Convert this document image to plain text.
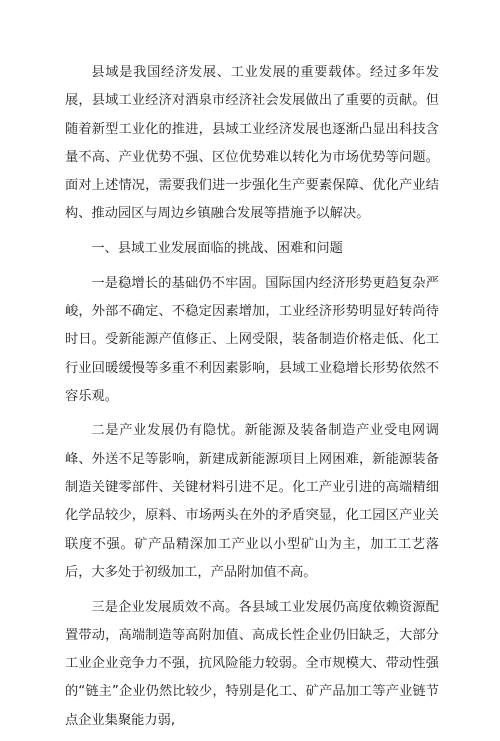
县域是我国经济发展、工业发展的重要载体。经过多年发展，县域工业经济对酒泉市经济社会发展做出了重要的贡献。但随着新型工业化的推进，县域工业经济发展也逐渐凸显出科技含量不高、产业优势不强、区位优势难以转化为市场优势等问题。面对上述情况，需要我们进一步强化生产要素保障、优化产业结构、推动园区与周边乡镇融合发展等措施予以解决。

一、县域工业发展面临的挑战、困难和问题

一是稳增长的基础仍不牢固。国际国内经济形势更趋复杂严峻，外部不确定、不稳定因素增加，工业经济形势明显好转尚待时日。受新能源产值修正、上网受限，装备制造价格走低、化工行业回暖缓慢等多重不利因素影响，县域工业稳增长形势依然不容乐观。

二是产业发展仍有隐忧。新能源及装备制造产业受电网调峰、外送不足等影响，新建成新能源项目上网困难，新能源装备制造关键零部件、关键材料引进不足。化工产业引进的高端精细化学品较少，原料、市场两头在外的矛盾突显，化工园区产业关联度不强。矿产品精深加工产业以小型矿山为主，加工工艺落后，大多处于初级加工，产品附加值不高。

三是企业发展质效不高。各县域工业发展仍高度依赖资源配置带动，高端制造等高附加值、高成长性企业仍旧缺乏，大部分工业企业竞争力不强，抗风险能力较弱。全市规模大、带动性强的“链主”企业仍然比较少，特别是化工、矿产品加工等产业链节点企业集聚能力弱,
